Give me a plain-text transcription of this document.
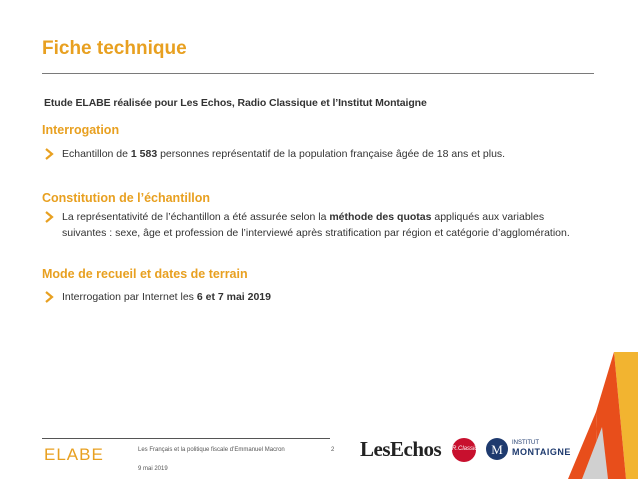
Fiche technique
Etude ELABE réalisée pour Les Echos, Radio Classique et l’Institut Montaigne
Interrogation
Echantillon de 1 583 personnes représentatif de la population française âgée de 18 ans et plus.
Constitution de l’échantillon
La représentativité de l’échantillon a été assurée selon la méthode des quotas appliqués aux variables suivantes : sexe, âge et profession de l’interviewé après stratification par région et catégorie d’agglomération.
Mode de recueil et dates de terrain
Interrogation par Internet les 6 et 7 mai 2019
ELABE	Les Français et la politique fiscale d’Emmanuel Macron
9 mai 2019
2 LesEchos R.Classique M	INSTITUT
MONTAIGNE
